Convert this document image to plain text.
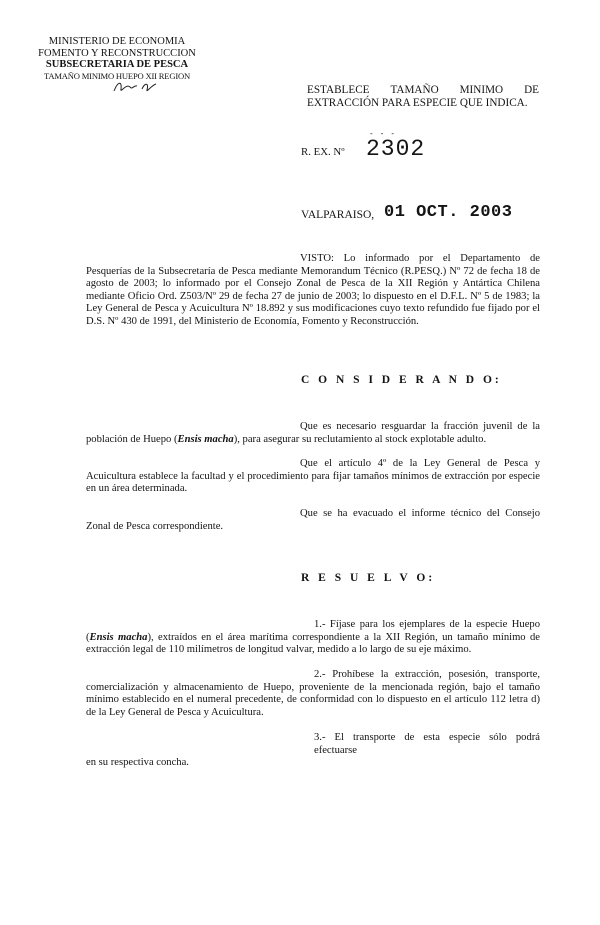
MINISTERIO DE ECONOMIA
FOMENTO Y RECONSTRUCCION
SUBSECRETARIA DE PESCA
TAMAÑO MINIMO HUEPO XII REGION
ESTABLECE TAMAÑO MINIMO DE
EXTRACCIÓN PARA ESPECIE QUE INDICA.
- - -
R. EX. Nº 2302
VALPARAISO, 01 OCT. 2003
VISTO: Lo informado por el Departamento de
Pesquerías de la Subsecretaría de Pesca mediante Memorandum Técnico (R.PESQ.) Nº 72 de fecha 18 de agosto de 2003; lo informado por el Consejo Zonal de Pesca de la XII Región y Antártica Chilena mediante Oficio Ord. Z503/Nº 29 de fecha 27 de junio de 2003; lo dispuesto en el D.F.L. Nº 5 de 1983; la Ley General de Pesca y Acuicultura Nº 18.892 y sus modificaciones cuyo texto refundido fue fijado por el D.S. Nº 430 de 1991, del Ministerio de Economía, Fomento y Reconstrucción.
C O N S I D E R A N D O:
Que es necesario resguardar la fracción juvenil de la
población de Huepo (Ensis macha), para asegurar su reclutamiento al stock explotable adulto.
Que el artículo 4º de la Ley General de Pesca y
Acuicultura establece la facultad y el procedimiento para fijar tamaños mínimos de extracción por especie en un área determinada.
Que se ha evacuado el informe técnico del Consejo
Zonal de Pesca correspondiente.
R E S U E L V O:
1.- Fíjase para los ejemplares de la especie Huepo
(Ensis macha), extraídos en el área marítima correspondiente a la XII Región, un tamaño mínimo de extracción legal de 110 milímetros de longitud valvar, medido a lo largo de su eje máximo.
2.- Prohíbese la extracción, posesión, transporte,
comercialización y almacenamiento de Huepo, proveniente de la mencionada región, bajo el tamaño mínimo establecido en el numeral precedente, de conformidad con lo dispuesto en el artículo 112 letra d) de la Ley General de Pesca y Acuicultura.
3.- El transporte de esta especie sólo podrá efectuarse
en su respectiva concha.
